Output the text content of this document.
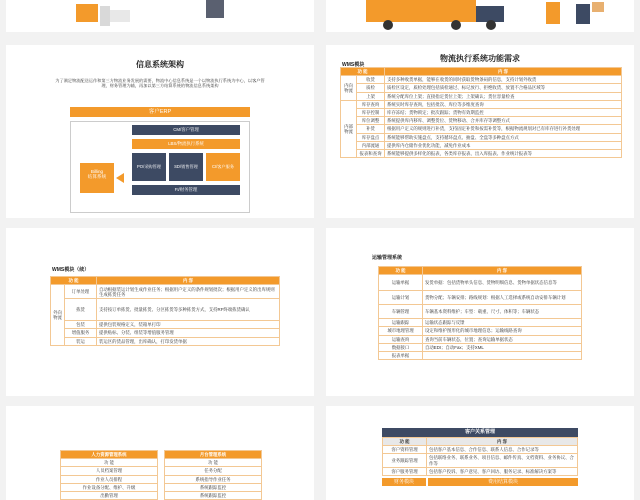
信息系统架构
为了满足物流配送运作和第三方物流业务发展的需要，物流中心信息系统是一个以物流执行系统为中心，以客户管理，财务管理为辅，再加以第三方结算系统的物流信息系统架构
客户ERP
Billing
结算系统
CM/客户管理
LBS/物流执行系统
PO/采购管理	SD/销售管理	CI/客户服务
FI/财务管理
物流执行系统功能需求
WMS模块
功 能		内 容
内向物流	收货	支持多种收货单据，能够在收货的同时获取货物条码的信息，支持计划外收货
	质检	质检区设定，质检处理包括质检通过、标记放行、拒绝收货、放置不合格品区域等
	上架	系统分配库位上架；直接指定货位上架；上架确认；货位容量检查
内部物流	库存查询	系统实时库存查询，包括批次、库位等多维度查询
	库存控制	库存冻结；货物锁定；批次跟踪；货物有效期监控
	库位调整	系统提供库内移库、调整货位、货物移动、合并库存等调整方式
	补货	根据用户定义的规则进行补货，支持固定补货和按需补货等，根据物流规划对已有库存进行补货处理
	库存盘点	系统能够帮助实施盘点，支持循环盘点、抽盘、全盘等多种盘点方式
	内部流通	提供库内仓储作业优化功能，减免作业成本
	报表和查询	系统能够提供多样化的报表，各类库存报表、出入库报表、作业统计报表等
WMS模块（续）
功 能		内 容
外向物流	订单处理	自动根据装运计划生成作业任务；根据用户定义的条件规划批次；根据用户定义的出库规则生成拣货任务
	拣货	支持按订单拣货、批量拣货、分区拣货等多种拣货方式，支持RF终端拣货确认
	包装	提供包装规格定义，装箱单打印
	增值服务	提供贴标、分装、组装等增值服务管理
	装运	装运区的货品管理，出库确认，打印发货单据
运输管理系统
功 能	内 容
运输单据	发货单据：包括货物单头信息、货物明细信息、货物单据状态信息等
运输计划	货物分配；车辆安排；路线规划：根据人工选择或系统自动安排车辆计划
车辆管理	车辆基本资料维护；车型：载重、尺寸、体积等；车辆状态
运输跟踪	运输状态跟踪与反馈
城市地理管理	设定和维护图形化的城市地理信息；运输线路查询
运输查询	查询当前车辆状态，位置；查询运输单据状态
数据接口	自动EDI；自动Fax；支持XML
报表单据	
人力资源管理系统
功 能
人员档案管理
作业人员排程
作业设备分配、维护、升级
出勤管理
月台管理系统
功 能
任务分配
系统指导作业任务
系统跟踪监控
系统跟踪监控
客户关系管理
功 能	内 容
客户资料管理	包括客户基本信息、合作信息、联系人信息、合作记录等
业务跟踪管理	包括联络业务、联系业务、项目信息、邮件传真、文档资料、业务协议、合作等
客户服务管理	包括客户投诉、客户意见、客户回访、服务记录、标准解决方案等
财务模块	费用结算模块
